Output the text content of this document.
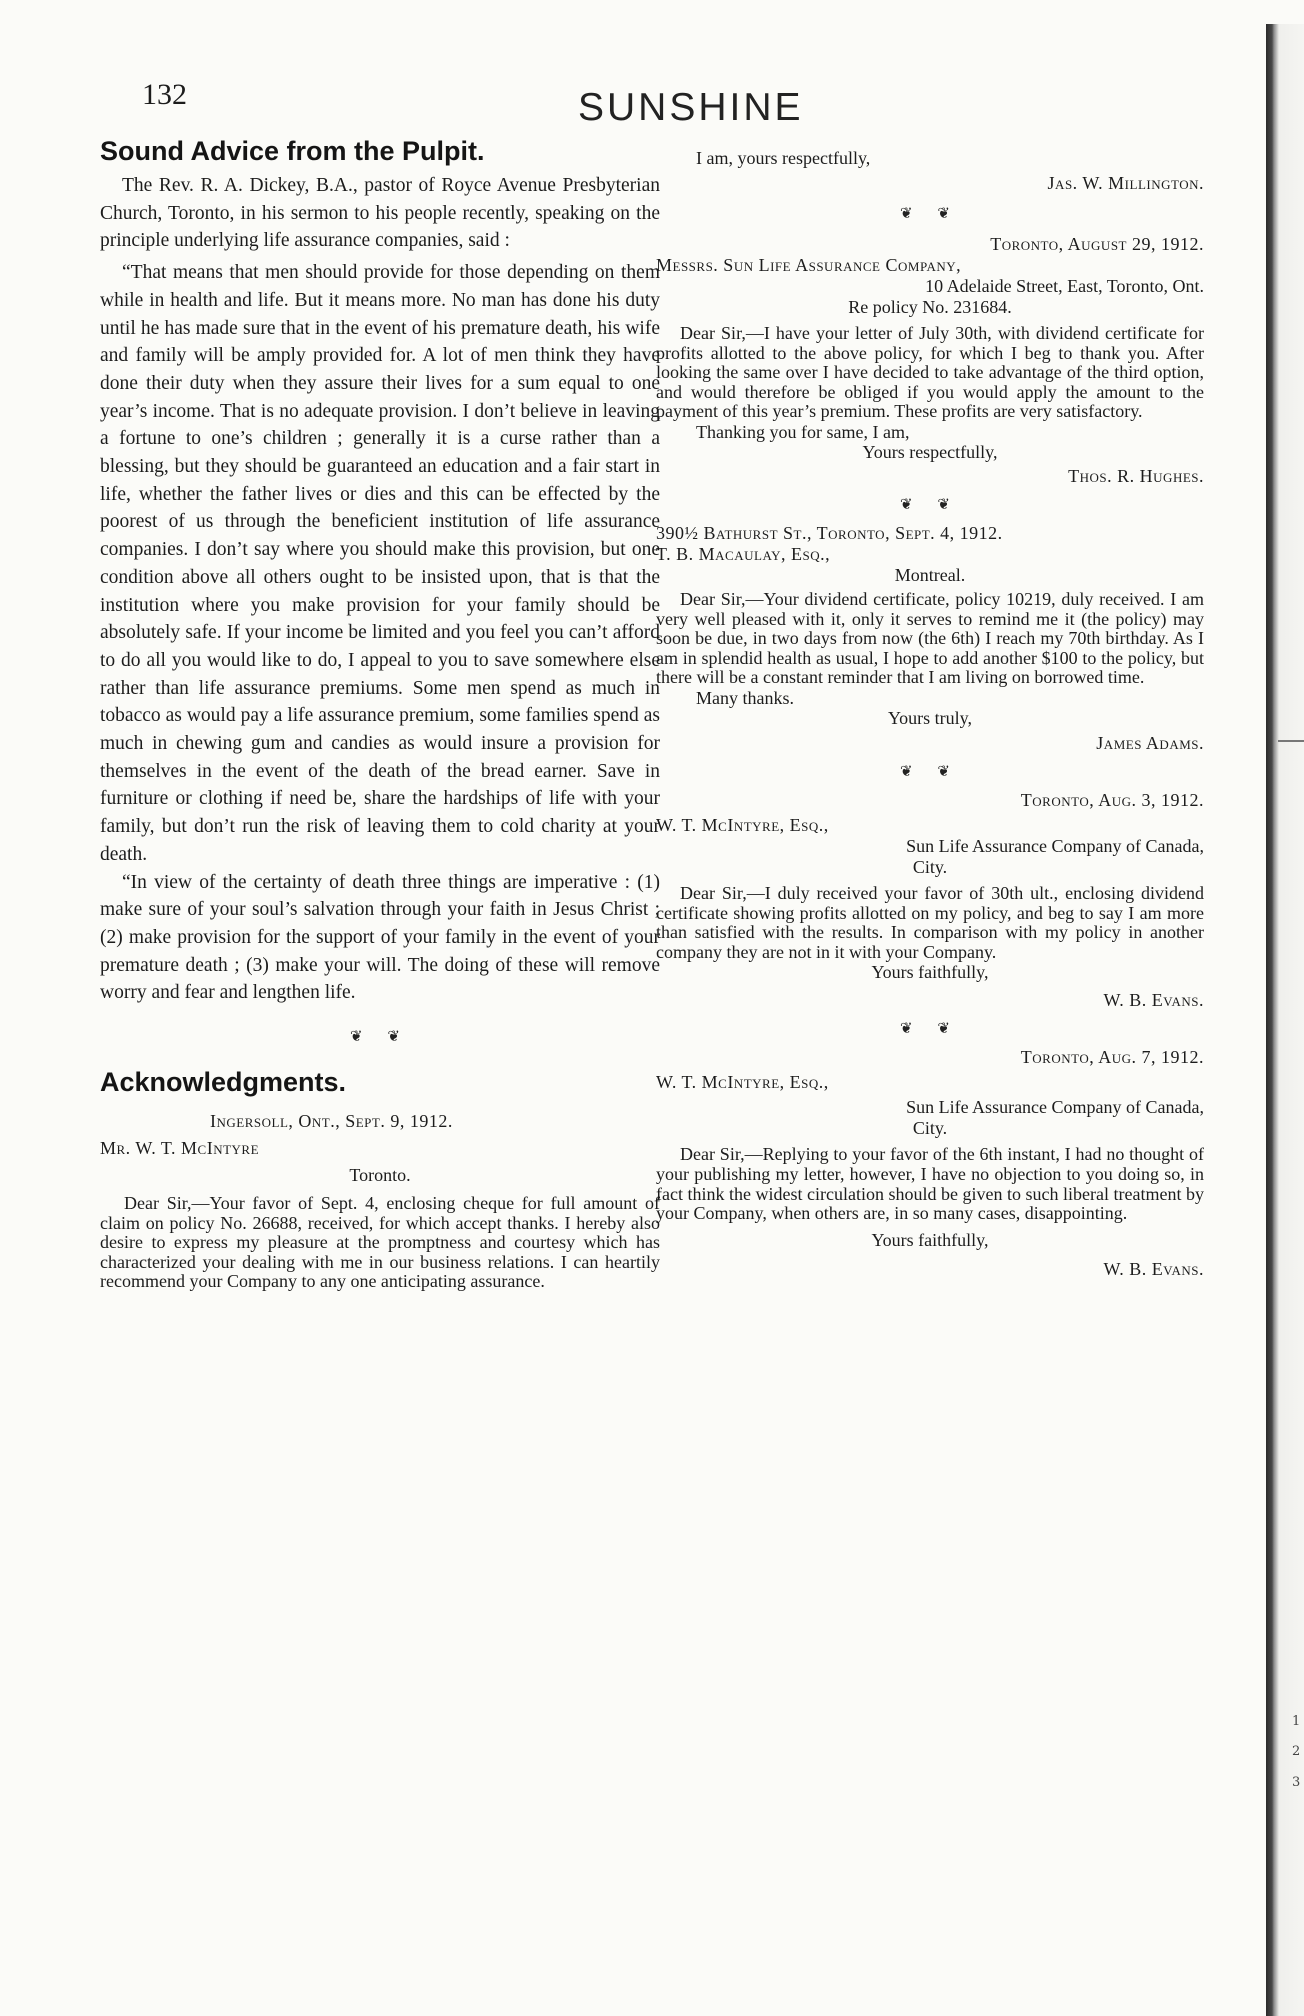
1
2
3
132	SUNSHINE
Sound Advice from the Pulpit.

The Rev. R. A. Dickey, B.A., pastor of Royce Avenue Presbyterian Church, Toronto, in his sermon to his people recently, speaking on the principle underlying life assurance companies, said :

“That means that men should provide for those depending on them while in health and life. But it means more. No man has done his duty until he has made sure that in the event of his premature death, his wife and family will be amply provided for. A lot of men think they have done their duty when they assure their lives for a sum equal to one year’s income. That is no adequate provision. I don’t believe in leaving a fortune to one’s children ; generally it is a curse rather than a blessing, but they should be guaranteed an education and a fair start in life, whether the father lives or dies and this can be effected by the poorest of us through the beneficient institution of life assurance companies. I don’t say where you should make this provision, but one condition above all others ought to be insisted upon, that is that the institution where you make provision for your family should be absolutely safe. If your income be limited and you feel you can’t afford to do all you would like to do, I appeal to you to save somewhere else rather than life assurance premiums. Some men spend as much in tobacco as would pay a life assurance premium, some families spend as much in chewing gum and candies as would insure a provision for themselves in the event of the death of the bread earner. Save in furniture or clothing if need be, share the hardships of life with your family, but don’t run the risk of leaving them to cold charity at your death.

“In view of the certainty of death three things are imperative : (1) make sure of your soul’s salvation through your faith in Jesus Christ ; (2) make provision for the support of your family in the event of your premature death ; (3) make your will. The doing of these will remove worry and fear and lengthen life.

❦ ❦
Acknowledgments.

Ingersoll, Ont., Sept. 9, 1912.

Mr. W. T. McIntyre

Toronto.

Dear Sir,—Your favor of Sept. 4, enclosing cheque for full amount of claim on policy No. 26688, received, for which accept thanks. I hereby also desire to express my pleasure at the promptness and courtesy which has characterized your dealing with me in our business relations. I can heartily recommend your Company to any one anticipating assurance.

I am, yours respectfully,

Jas. W. Millington.

❦ ❦

Toronto, August 29, 1912.

Messrs. Sun Life Assurance Company,

10 Adelaide Street, East, Toronto, Ont.

Re policy No. 231684.

Dear Sir,—I have your letter of July 30th, with dividend certificate for profits allotted to the above policy, for which I beg to thank you. After looking the same over I have decided to take advantage of the third option, and would therefore be obliged if you would apply the amount to the payment of this year’s premium. These profits are very satisfactory.

Thanking you for same, I am,

Yours respectfully,

Thos. R. Hughes.

❦ ❦

390½ Bathurst St., Toronto, Sept. 4, 1912.

T. B. Macaulay, Esq.,

Montreal.

Dear Sir,—Your dividend certificate, policy 10219, duly received. I am very well pleased with it, only it serves to remind me it (the policy) may soon be due, in two days from now (the 6th) I reach my 70th birthday. As I am in splendid health as usual, I hope to add another $100 to the policy, but there will be a constant reminder that I am living on borrowed time.

Many thanks.

Yours truly,

James Adams.

❦ ❦

Toronto, Aug. 3, 1912.

W. T. McIntyre, Esq.,

Sun Life Assurance Company of Canada,

City.

Dear Sir,—I duly received your favor of 30th ult., enclosing dividend certificate showing profits allotted on my policy, and beg to say I am more than satisfied with the results. In comparison with my policy in another company they are not in it with your Company.

Yours faithfully,

W. B. Evans.

❦ ❦

Toronto, Aug. 7, 1912.

W. T. McIntyre, Esq.,

Sun Life Assurance Company of Canada,

City.

Dear Sir,—Replying to your favor of the 6th instant, I had no thought of your publishing my letter, however, I have no objection to you doing so, in fact think the widest circulation should be given to such liberal treatment by your Company, when others are, in so many cases, disappointing.

Yours faithfully,

W. B. Evans.
